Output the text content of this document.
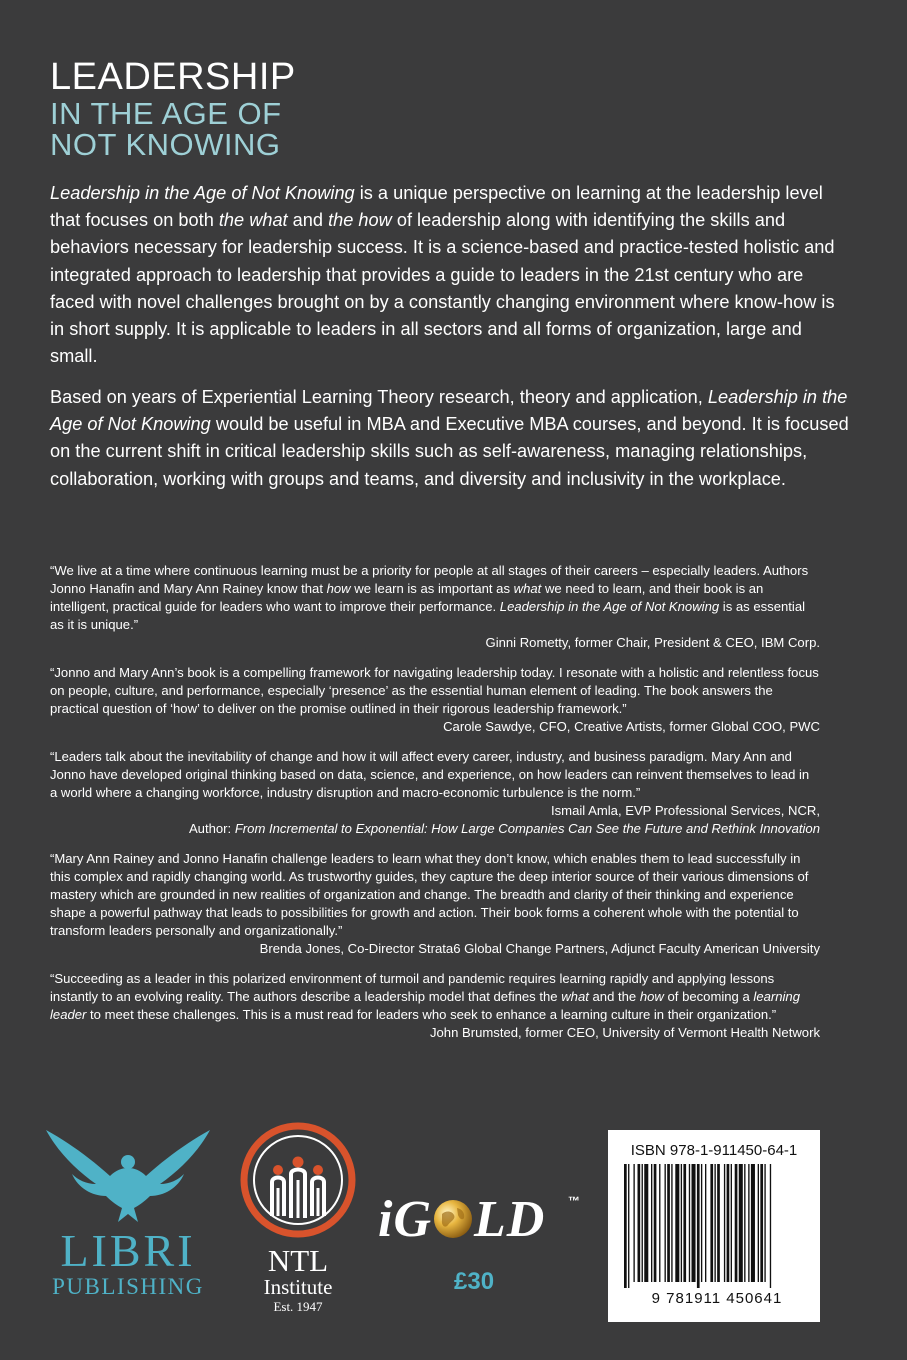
LEADERSHIP
IN THE AGE OF
NOT KNOWING

Leadership in the Age of Not Knowing is a unique perspective on learning at the leadership level that focuses on both the what and the how of leadership along with identifying the skills and behaviors necessary for leadership success. It is a science-based and practice-tested holistic and integrated approach to leadership that provides a guide to leaders in the 21st century who are faced with novel challenges brought on by a constantly changing environment where know-how is in short supply. It is applicable to leaders in all sectors and all forms of organization, large and small.

Based on years of Experiential Learning Theory research, theory and application, Leadership in the Age of Not Knowing would be useful in MBA and Executive MBA courses, and beyond. It is focused on the current shift in critical leadership skills such as self-awareness, managing relationships, collaboration, working with groups and teams, and diversity and inclusivity in the workplace.

“We live at a time where continuous learning must be a priority for people at all stages of their careers – especially leaders. Authors Jonno Hanafin and Mary Ann Rainey know that how we learn is as important as what we need to learn, and their book is an intelligent, practical guide for leaders who want to improve their performance. Leadership in the Age of Not Knowing is as essential as it is unique.”

Ginni Rometty, former Chair, President & CEO, IBM Corp.

“Jonno and Mary Ann’s book is a compelling framework for navigating leadership today. I resonate with a holistic and relentless focus on people, culture, and performance, especially ‘presence’ as the essential human element of leading. The book answers the practical question of ‘how’ to deliver on the promise outlined in their rigorous leadership framework.”

Carole Sawdye, CFO, Creative Artists, former Global COO, PWC

“Leaders talk about the inevitability of change and how it will affect every career, industry, and business paradigm. Mary Ann and Jonno have developed original thinking based on data, science, and experience, on how leaders can reinvent themselves to lead in a world where a changing workforce, industry disruption and macro-economic turbulence is the norm.”

Ismail Amla, EVP Professional Services, NCR,

Author: From Incremental to Exponential: How Large Companies Can See the Future and Rethink Innovation

“Mary Ann Rainey and Jonno Hanafin challenge leaders to learn what they don’t know, which enables them to lead successfully in this complex and rapidly changing world. As trustworthy guides, they capture the deep interior source of their various dimensions of mastery which are grounded in new realities of organization and change. The breadth and clarity of their thinking and experience shape a powerful pathway that leads to possibilities for growth and action. Their book forms a coherent whole with the potential to transform leaders personally and organizationally.”

Brenda Jones, Co-Director Strata6 Global Change Partners, Adjunct Faculty American University

“Succeeding as a leader in this polarized environment of turmoil and pandemic requires learning rapidly and applying lessons instantly to an evolving reality. The authors describe a leadership model that defines the what and the how of becoming a learning leader to meet these challenges. This is a must read for leaders who seek to enhance a learning culture in their organization.”

John Brumsted, former CEO, University of Vermont Health Network

LIBRI
PUBLISHING
NTL
Institute
Est. 1947
iG LD ™
£30
ISBN 978-1-911450-64-1
9 781911 450641
